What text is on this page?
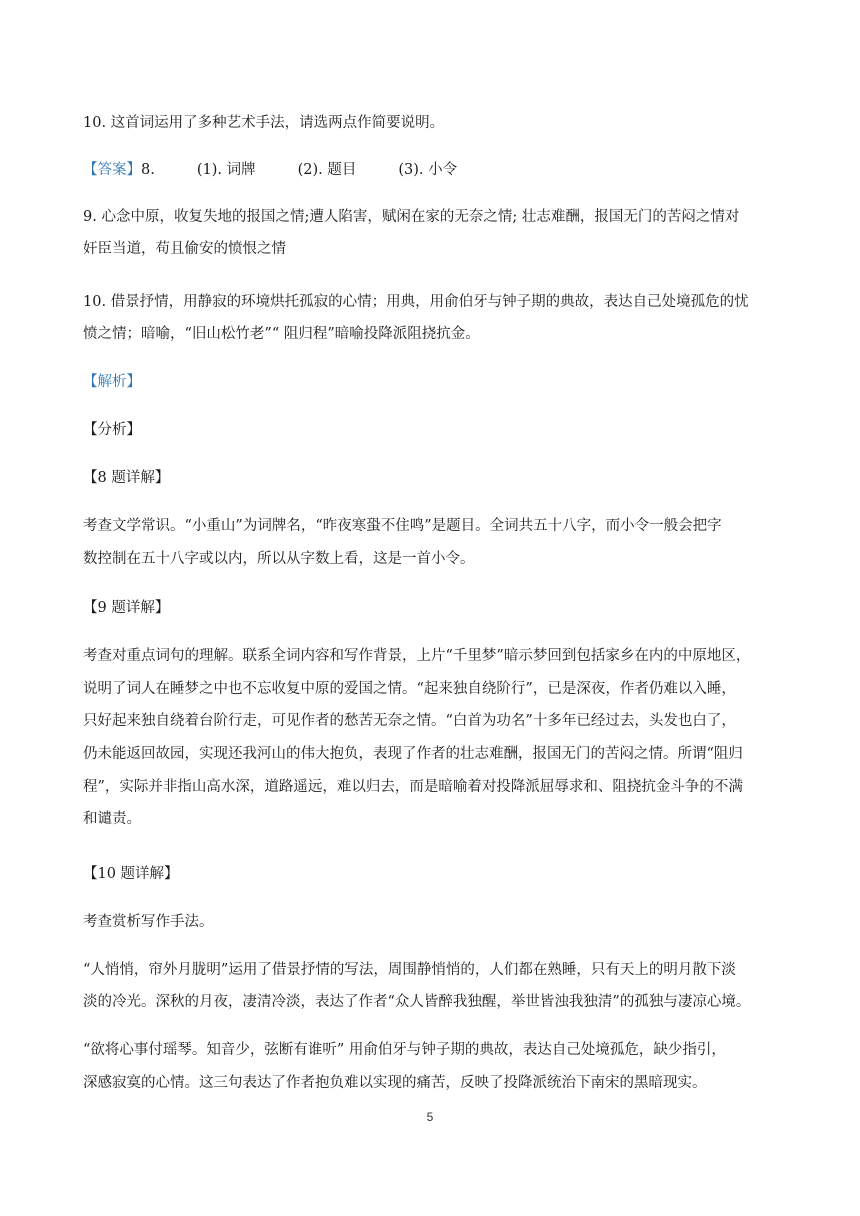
10. 这首词运用了多种艺术手法，请选两点作简要说明。
【答案】8.	(1). 词牌	(2). 题目	(3). 小令
9. 心念中原，收复失地的报国之情;遭人陷害，赋闲在家的无奈之情; 壮志难酬，报国无门的苦闷之情对
奸臣当道，苟且偷安的愤恨之情
10. 借景抒情，用静寂的环境烘托孤寂的心情；用典，用俞伯牙与钟子期的典故，表达自己处境孤危的忧
愤之情；暗喻，“旧山松竹老”“ 阻归程”暗喻投降派阻挠抗金。
【解析】
【分析】
【8 题详解】
考查文学常识。“小重山”为词牌名，“昨夜寒蛩不住鸣”是题目。全词共五十八字，而小令一般会把字
数控制在五十八字或以内，所以从字数上看，这是一首小令。
【9 题详解】
考查对重点词句的理解。联系全词内容和写作背景，上片“千里梦”暗示梦回到包括家乡在内的中原地区，
说明了词人在睡梦之中也不忘收复中原的爱国之情。“起来独自绕阶行”，已是深夜，作者仍难以入睡，
只好起来独自绕着台阶行走，可见作者的愁苦无奈之情。“白首为功名”十多年已经过去，头发也白了，
仍未能返回故园，实现还我河山的伟大抱负，表现了作者的壮志难酬，报国无门的苦闷之情。所谓“阻归
程”，实际并非指山高水深，道路遥远，难以归去，而是暗喻着对投降派屈辱求和、阻挠抗金斗争的不满
和谴责。
【10 题详解】
考查赏析写作手法。
“人悄悄，帘外月胧明”运用了借景抒情的写法，周围静悄悄的，人们都在熟睡，只有天上的明月散下淡
淡的冷光。深秋的月夜，凄清冷淡，表达了作者“众人皆醉我独醒，举世皆浊我独清”的孤独与凄凉心境。
“欲将心事付瑶琴。知音少，弦断有谁听” 用俞伯牙与钟子期的典故，表达自己处境孤危，缺少指引，
深感寂寞的心情。这三句表达了作者抱负难以实现的痛苦，反映了投降派统治下南宋的黑暗现实。
5
